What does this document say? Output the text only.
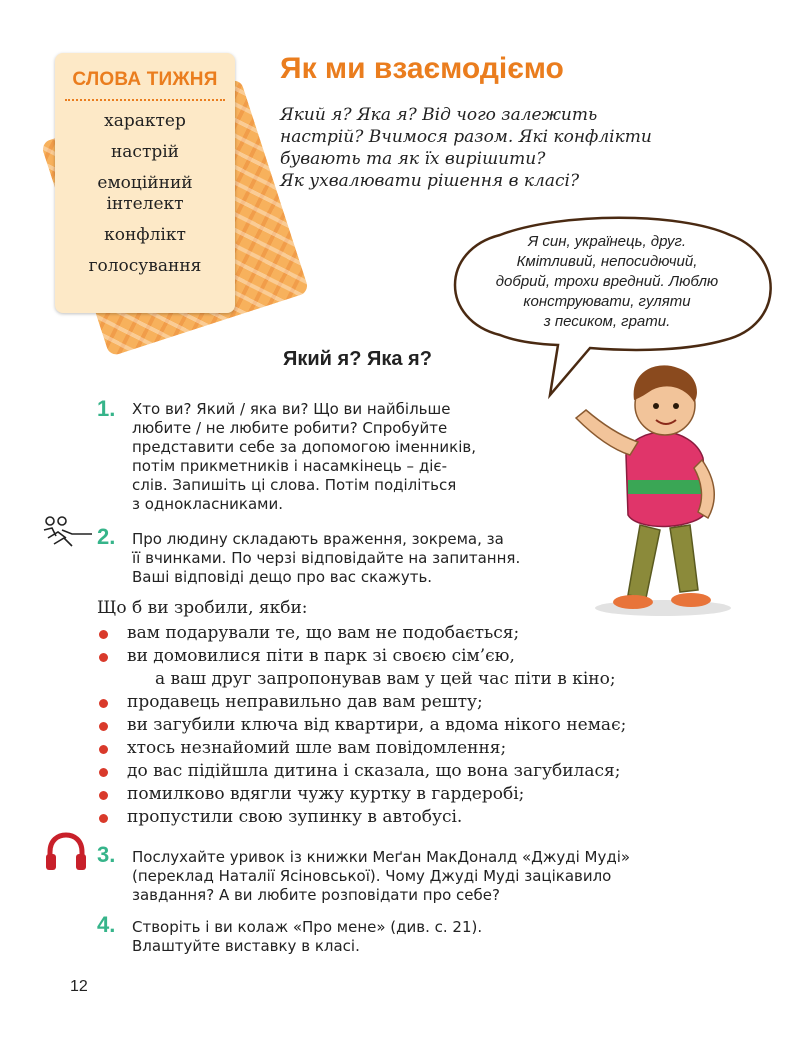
СЛОВА ТИЖНЯ
характер
настрій
емоційний інтелект
конфлікт
голосування
Як ми взаємодіємо
Який я? Яка я? Від чого залежить
настрій? Вчимося разом. Які конфлікти
бувають та як їх вирішити?
Як ухвалювати рішення в класі?
Я син, українець, друг.
Кмітливий, непосидючий,
добрий, трохи вредний. Люблю
конструювати, гуляти
з песиком, грати.
Який я? Яка я?
1. Хто ви? Який / яка ви? Що ви найбільше
любите / не любите робити? Спробуйте
представити себе за допомогою іменників,
потім прикметників і насамкінець – діє-
слів. Запишіть ці слова. Потім поділіться
з однокласниками.
2. Про людину складають враження, зокрема, за
її вчинками. По черзі відповідайте на запитання.
Ваші відповіді дещо про вас скажуть.
Що б ви зробили, якби:
вам подарували те, що вам не подобається;
ви домовилися піти в парк зі своєю сім’єю,
а ваш друг запропонував вам у цей час піти в кіно;
продавець неправильно дав вам решту;
ви загубили ключа від квартири, а вдома нікого немає;
хтось незнайомий шле вам повідомлення;
до вас підійшла дитина і сказала, що вона загубилася;
помилково вдягли чужу куртку в гардеробі;
пропустили свою зупинку в автобусі.
3. Послухайте уривок із книжки Меґан МакДоналд «Джуді Муді»
(переклад Наталії Ясіновської). Чому Джуді Муді зацікавило
завдання? А ви любите розповідати про себе?
4. Створіть і ви колаж «Про мене» (див. с. 21).
Влаштуйте виставку в класі.
12
